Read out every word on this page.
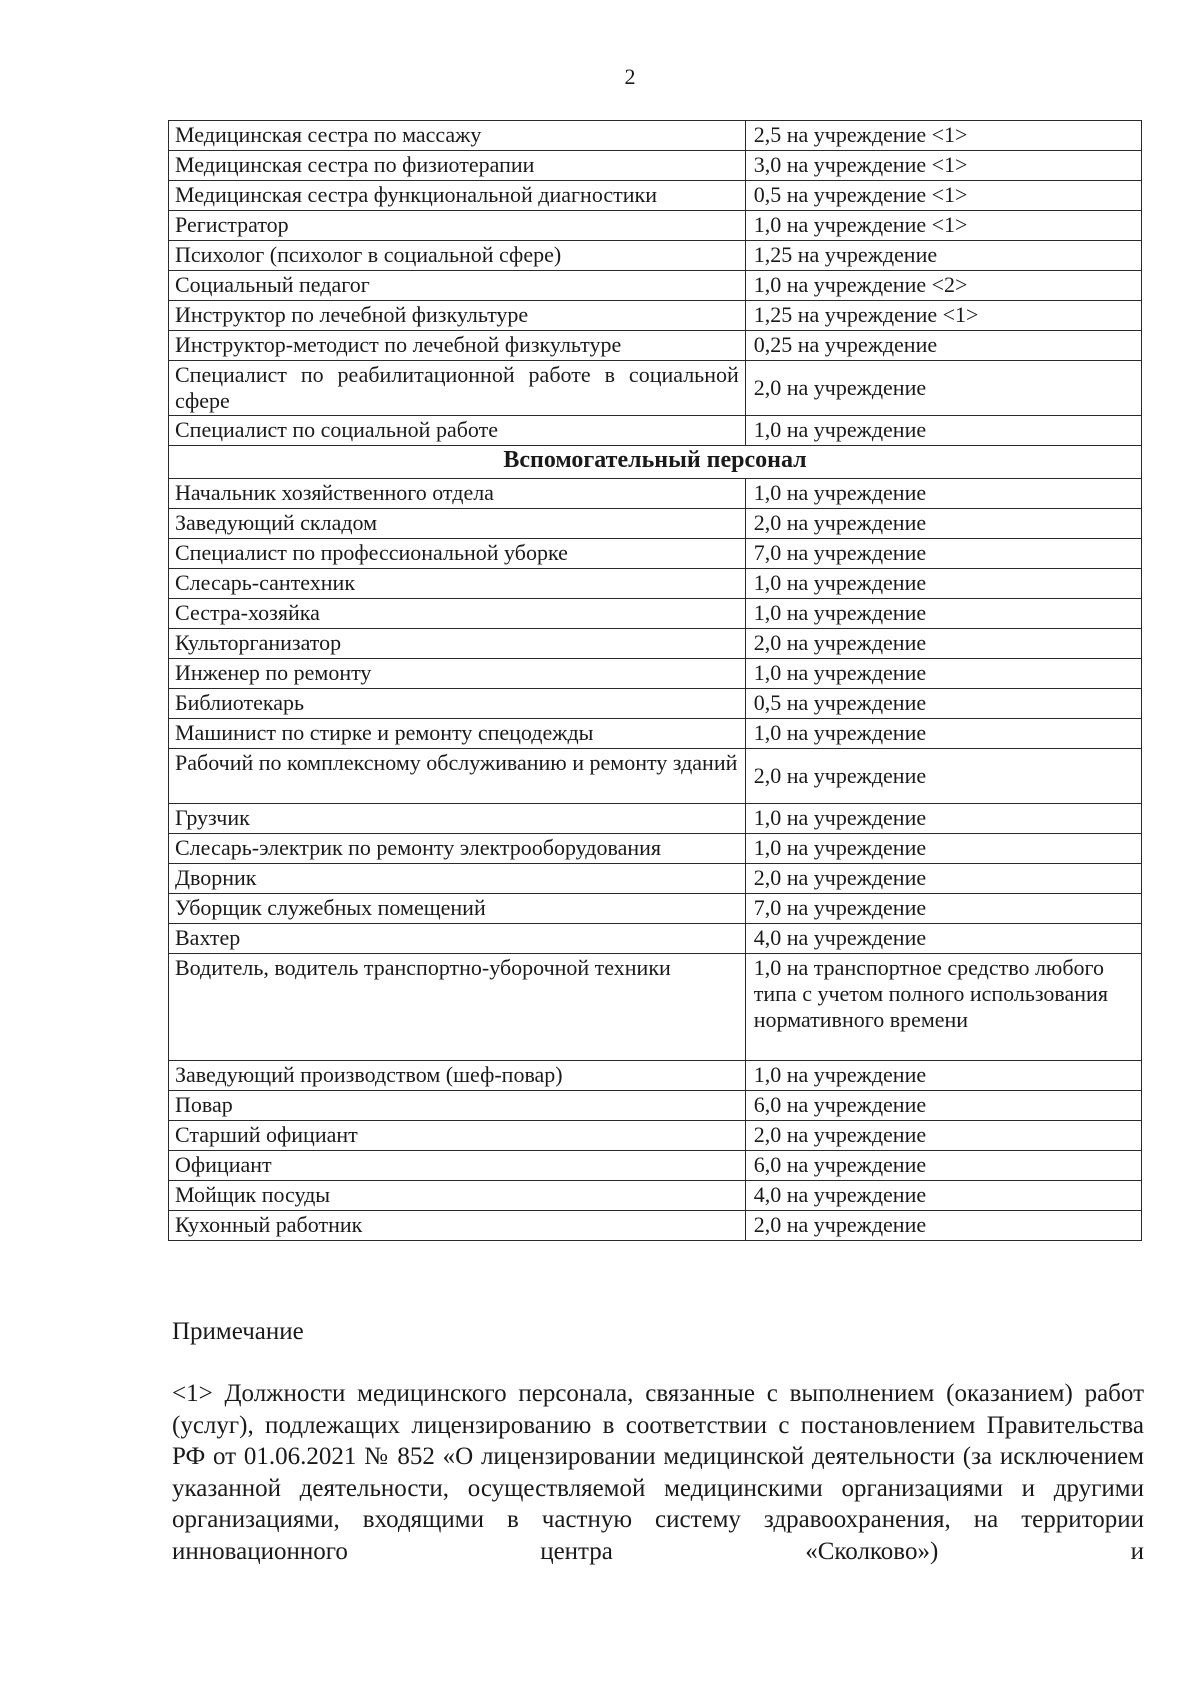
2
Медицинская сестра по массажу	2,5 на учреждение <1>
Медицинская сестра по физиотерапии	3,0 на учреждение <1>
Медицинская сестра функциональной диагностики	0,5 на учреждение <1>
Регистратор	1,0 на учреждение <1>
Психолог (психолог в социальной сфере)	1,25 на учреждение
Социальный педагог	1,0 на учреждение <2>
Инструктор по лечебной физкультуре	1,25 на учреждение <1>
Инструктор-методист по лечебной физкультуре	0,25 на учреждение

Специалист по реабилитационной работе в социальной сфере	2,0 на учреждение
Специалист по социальной работе	1,0 на учреждение
Вспомогательный персонал	
Начальник хозяйственного отдела	1,0 на учреждение
Заведующий складом	2,0 на учреждение
Специалист по профессиональной уборке	7,0 на учреждение
Слесарь-сантехник	1,0 на учреждение
Сестра-хозяйка	1,0 на учреждение
Культорганизатор	2,0 на учреждение
Инженер по ремонту	1,0 на учреждение
Библиотекарь	0,5 на учреждение
Машинист по стирке и ремонту спецодежды	1,0 на учреждение
Рабочий по комплексному обслуживанию и ремонту зданий	2,0 на учреждение
Грузчик	1,0 на учреждение
Слесарь-электрик по ремонту электрооборудования	1,0 на учреждение
Дворник	2,0 на учреждение
Уборщик служебных помещений	7,0 на учреждение
Вахтер	4,0 на учреждение
Водитель, водитель транспортно-уборочной техники	1,0 на транспортное средство любого типа с учетом полного использования нормативного времени
Заведующий производством (шеф-повар)	1,0 на учреждение
Повар	6,0 на учреждение
Старший официант	2,0 на учреждение
Официант	6,0 на учреждение
Мойщик посуды	4,0 на учреждение
Кухонный работник	2,0 на учреждение
Примечание
<1> Должности медицинского персонала, связанные с выполнением (оказанием) работ (услуг), подлежащих лицензированию в соответствии с постановлением Правительства РФ от 01.06.2021 № 852 «О лицензировании медицинской деятельности (за исключением указанной деятельности, осуществляемой медицинскими организациями и другими организациями, входящими в частную систему здравоохранения, на территории инновационного центра «Сколково») и
